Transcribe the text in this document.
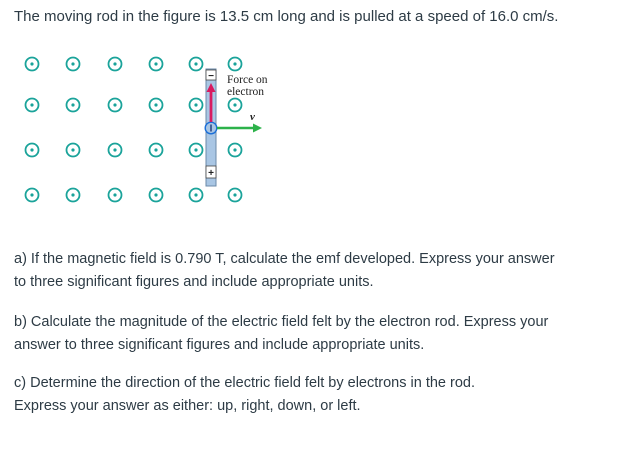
The moving rod in the figure is 13.5 cm long and is pulled at a speed of 16.0 cm/s.
−
+
Force on
electron
v⃗
a) If the magnetic field is 0.790 T, calculate the emf developed. Express your answer
to three significant figures and include appropriate units.
b) Calculate the magnitude of the electric field felt by the electron rod. Express your
answer to three significant figures and include appropriate units.
c) Determine the direction of the electric field felt by electrons in the rod.
Express your answer as either: up, right, down, or left.
